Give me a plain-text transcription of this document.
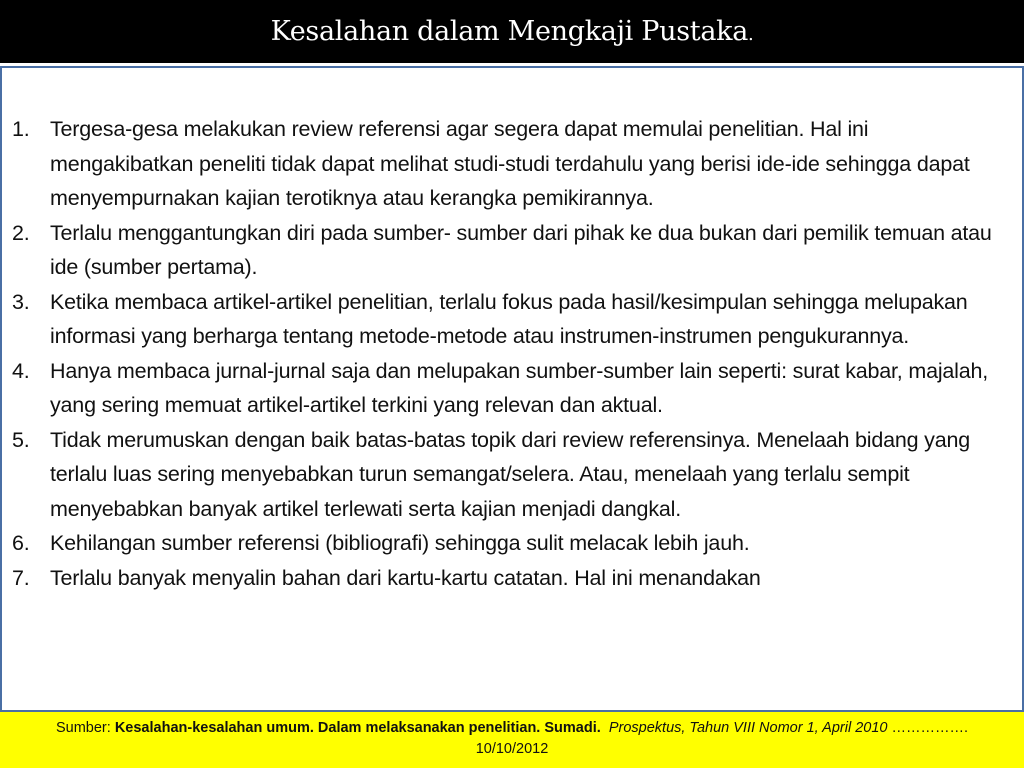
Kesalahan dalam Mengkaji Pustaka.
1. Tergesa-gesa melakukan review referensi agar segera dapat memulai penelitian. Hal ini mengakibatkan peneliti tidak dapat melihat studi-studi terdahulu yang berisi ide-ide sehingga dapat menyempurnakan kajian terotiknya atau kerangka pemikirannya.
2. Terlalu menggantungkan diri pada sumber- sumber dari pihak ke dua bukan dari pemilik temuan atau ide (sumber pertama).
3. Ketika membaca artikel-artikel penelitian, terlalu fokus pada hasil/kesimpulan sehingga melupakan informasi yang berharga tentang metode-metode atau instrumen-instrumen pengukurannya.
4. Hanya membaca jurnal-jurnal saja dan melupakan sumber-sumber lain seperti: surat kabar, majalah, yang sering memuat artikel-artikel terkini yang relevan dan aktual.
5. Tidak merumuskan dengan baik batas-batas topik dari review referensinya. Menelaah bidang yang terlalu luas sering menyebabkan turun semangat/selera. Atau, menelaah yang terlalu sempit menyebabkan banyak artikel terlewati serta kajian menjadi dangkal.
6. Kehilangan sumber referensi (bibliografi) sehingga sulit melacak lebih jauh.
7. Terlalu banyak menyalin bahan dari kartu-kartu catatan. Hal ini menandakan
Sumber: Kesalahan-kesalahan umum. Dalam melaksanakan penelitian. Sumadi. Prospektus, Tahun VIII Nomor 1, April 2010 ……………. 10/10/2012
